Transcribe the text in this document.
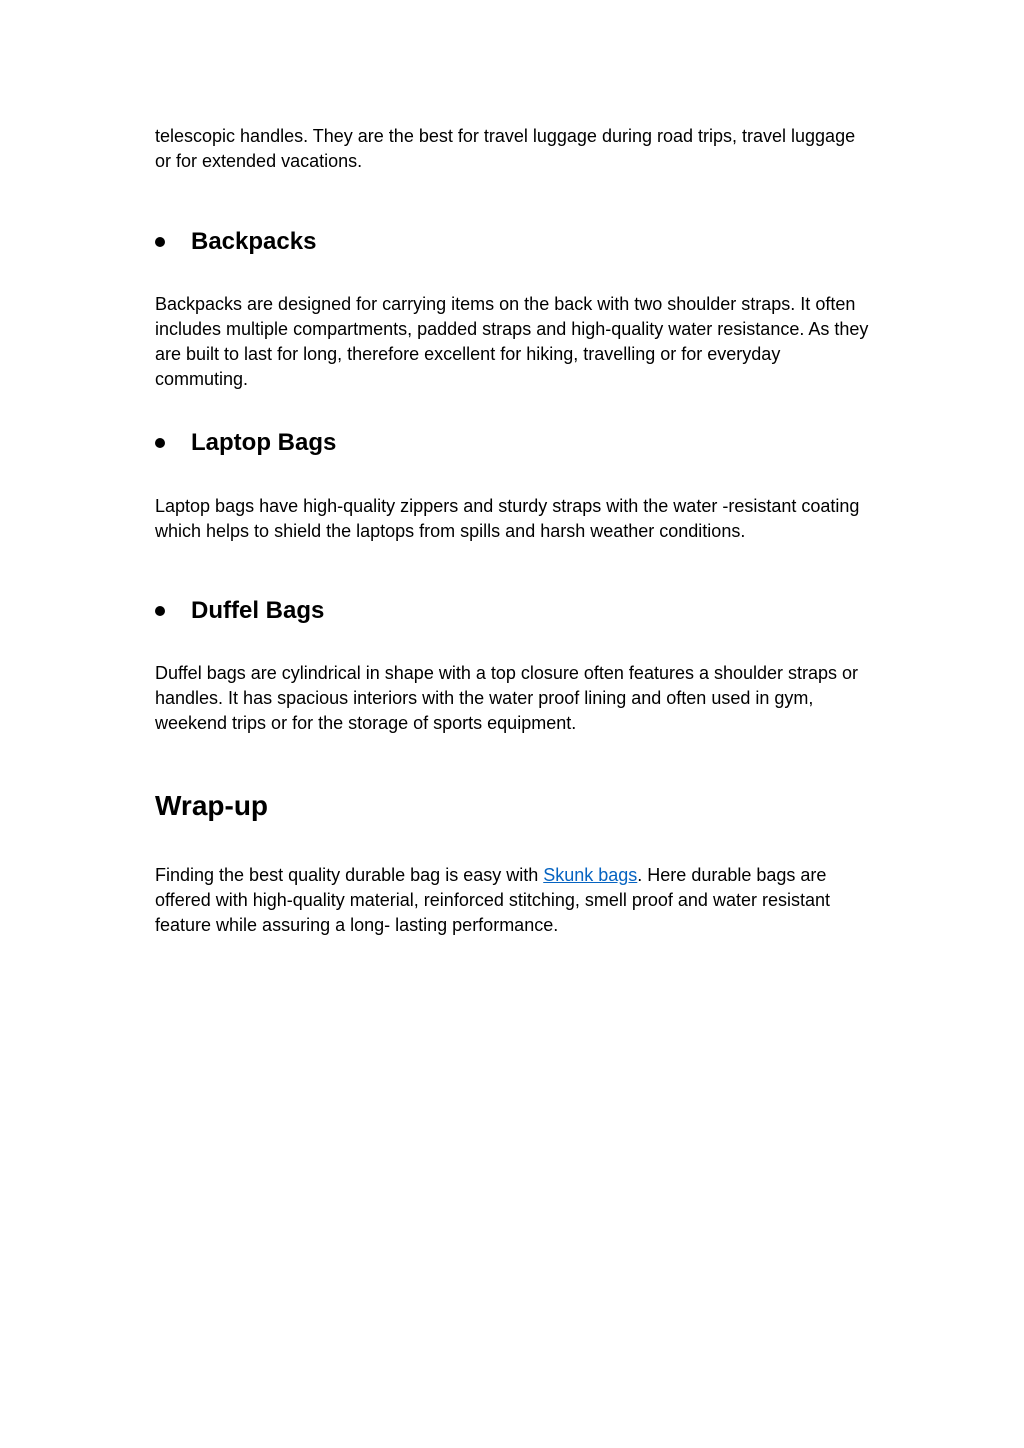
telescopic handles. They are the best for travel luggage during road trips, travel luggage or for extended vacations.

Backpacks

Backpacks are designed for carrying items on the back with two shoulder straps. It often includes multiple compartments, padded straps and high-quality water resistance. As they are built to last for long, therefore excellent for hiking, travelling or for everyday commuting.

Laptop Bags

Laptop bags have high-quality zippers and sturdy straps with the water -resistant coating which helps to shield the laptops from spills and harsh weather conditions.

Duffel Bags

Duffel bags are cylindrical in shape with a top closure often features a shoulder straps or handles. It has spacious interiors with the water proof lining and often used in gym, weekend trips or for the storage of sports equipment.

Wrap-up

Finding the best quality durable bag is easy with Skunk bags. Here durable bags are offered with high-quality material, reinforced stitching, smell proof and water resistant feature while assuring a long- lasting performance.
